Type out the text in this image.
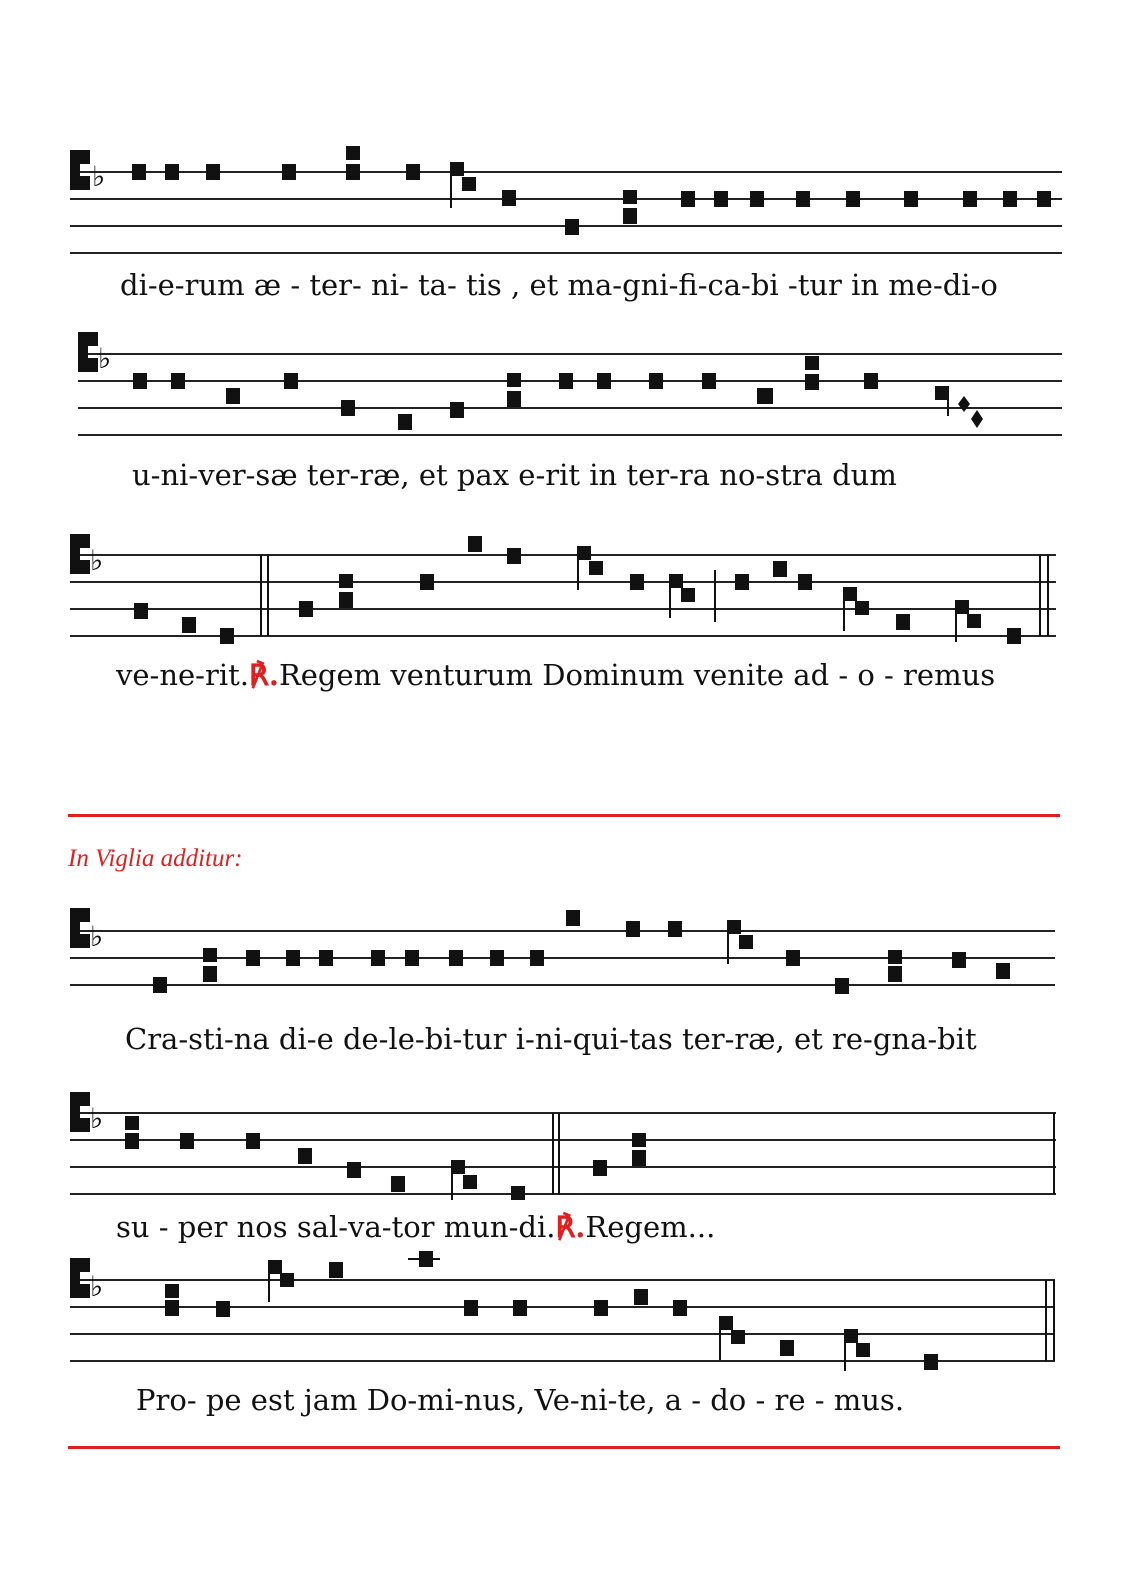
♭
di-e-rum æ - ter- ni- ta- tis , et ma-gni-fi-ca-bi -tur in me-di-o
♭
u-ni-ver-sæ ter-ræ, et pax e-rit in ter-ra no-stra dum
♭
ve-ne-rit.℟.Regem venturum Dominum venite ad - o - remus
In Viglia additur:
♭
Cra-sti-na di-e de-le-bi-tur i-ni-qui-tas ter-ræ, et re-gna-bit
♭
su - per nos sal-va-tor mun-di.℟.Regem...
♭
Pro- pe est jam Do-mi-nus, Ve-ni-te, a - do - re - mus.
